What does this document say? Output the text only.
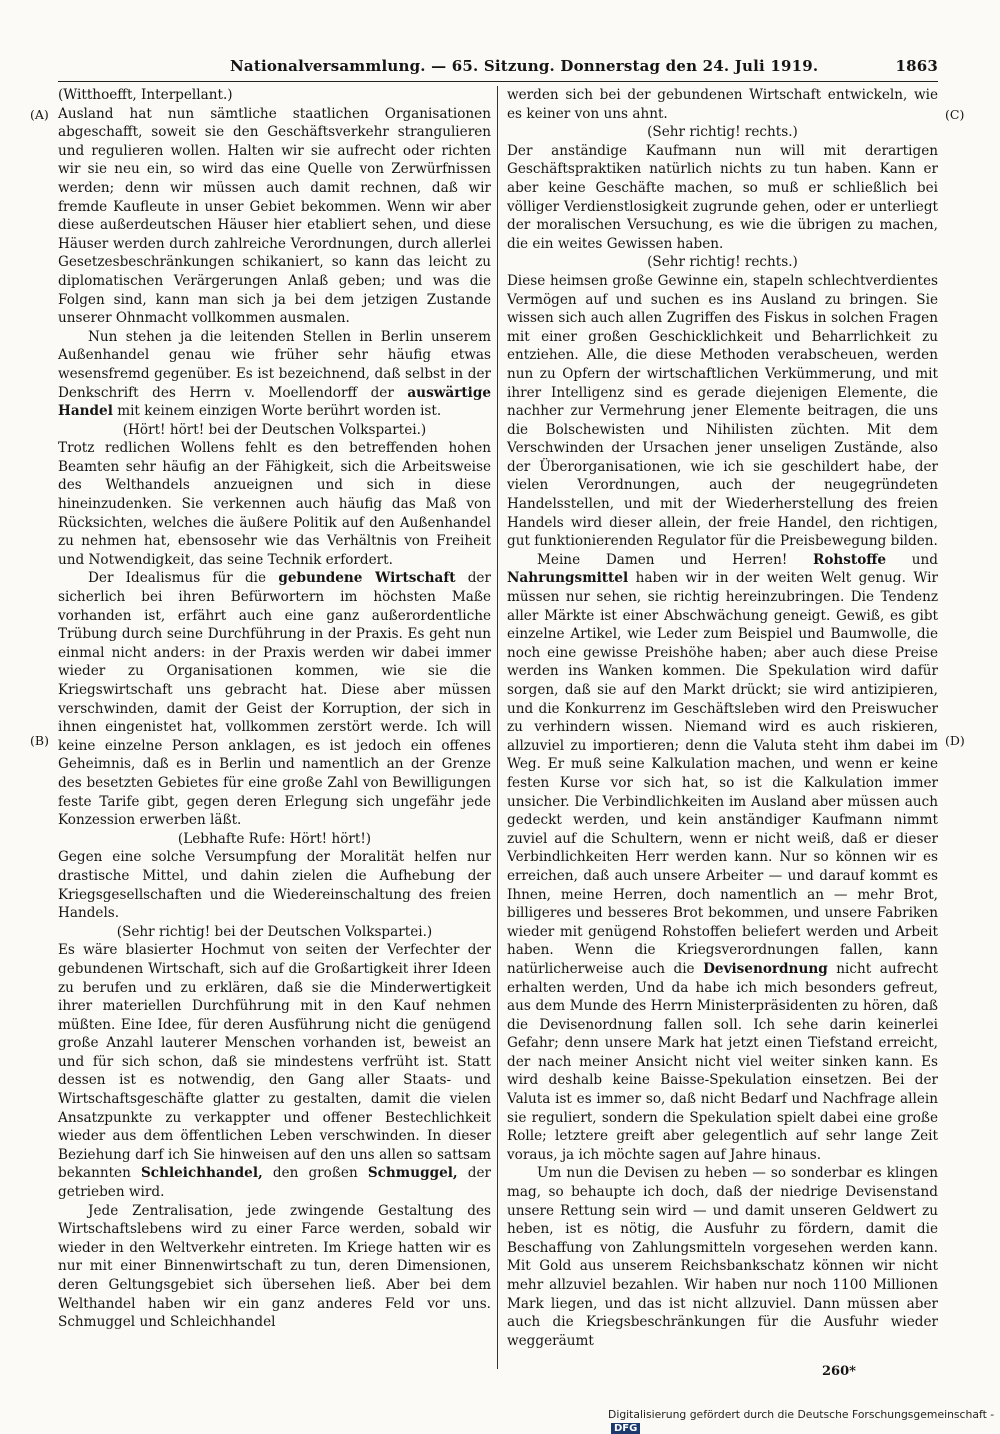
Nationalversammlung. — 65. Sitzung. Donnerstag den 24. Juli 1919.	1863
(A)
(B)
(C)
(D)

(Witthoefft, Interpellant.)

Ausland hat nun sämtliche staatlichen Organisationen abgeschafft, soweit sie den Geschäftsverkehr strangulieren und regulieren wollen. Halten wir sie aufrecht oder richten wir sie neu ein, so wird das eine Quelle von Zerwürfnissen werden; denn wir müssen auch damit rechnen, daß wir fremde Kaufleute in unser Gebiet bekommen. Wenn wir aber diese außerdeutschen Häuser hier etabliert sehen, und diese Häuser werden durch zahlreiche Verordnungen, durch allerlei Gesetzesbeschränkungen schikaniert, so kann das leicht zu diplomatischen Verärgerungen Anlaß geben; und was die Folgen sind, kann man sich ja bei dem jetzigen Zustande unserer Ohnmacht vollkommen ausmalen.

Nun stehen ja die leitenden Stellen in Berlin unserem Außenhandel genau wie früher sehr häufig etwas wesensfremd gegenüber. Es ist bezeichnend, daß selbst in der Denkschrift des Herrn v. Moellendorff der auswärtige Handel mit keinem einzigen Worte berührt worden ist.

(Hört! hört! bei der Deutschen Volkspartei.)

Trotz redlichen Wollens fehlt es den betreffenden hohen Beamten sehr häufig an der Fähigkeit, sich die Arbeitsweise des Welthandels anzueignen und sich in diese hineinzudenken. Sie verkennen auch häufig das Maß von Rücksichten, welches die äußere Politik auf den Außenhandel zu nehmen hat, ebensosehr wie das Verhältnis von Freiheit und Notwendigkeit, das seine Technik erfordert.

Der Idealismus für die gebundene Wirtschaft der sicherlich bei ihren Befürwortern im höchsten Maße vorhanden ist, erfährt auch eine ganz außerordentliche Trübung durch seine Durchführung in der Praxis. Es geht nun einmal nicht anders: in der Praxis werden wir dabei immer wieder zu Organisationen kommen, wie sie die Kriegswirtschaft uns gebracht hat. Diese aber müssen verschwinden, damit der Geist der Korruption, der sich in ihnen eingenistet hat, vollkommen zerstört werde. Ich will keine einzelne Person anklagen, es ist jedoch ein offenes Geheimnis, daß es in Berlin und namentlich an der Grenze des besetzten Gebietes für eine große Zahl von Bewilligungen feste Tarife gibt, gegen deren Erlegung sich ungefähr jede Konzession erwerben läßt.

(Lebhafte Rufe: Hört! hört!)

Gegen eine solche Versumpfung der Moralität helfen nur drastische Mittel, und dahin zielen die Aufhebung der Kriegsgesellschaften und die Wiedereinschaltung des freien Handels.

(Sehr richtig! bei der Deutschen Volkspartei.)

Es wäre blasierter Hochmut von seiten der Verfechter der gebundenen Wirtschaft, sich auf die Großartigkeit ihrer Ideen zu berufen und zu erklären, daß sie die Minderwertigkeit ihrer materiellen Durchführung mit in den Kauf nehmen müßten. Eine Idee, für deren Ausführung nicht die genügend große Anzahl lauterer Menschen vorhanden ist, beweist an und für sich schon, daß sie mindestens verfrüht ist. Statt dessen ist es notwendig, den Gang aller Staats- und Wirtschaftsgeschäfte glatter zu gestalten, damit die vielen Ansatzpunkte zu verkappter und offener Bestechlichkeit wieder aus dem öffentlichen Leben verschwinden. In dieser Beziehung darf ich Sie hinweisen auf den uns allen so sattsam bekannten Schleichhandel, den großen Schmuggel, der getrieben wird.

Jede Zentralisation, jede zwingende Gestaltung des Wirtschaftslebens wird zu einer Farce werden, sobald wir wieder in den Weltverkehr eintreten. Im Kriege hatten wir es nur mit einer Binnenwirtschaft zu tun, deren Dimensionen, deren Geltungsgebiet sich übersehen ließ. Aber bei dem Welthandel haben wir ein ganz anderes Feld vor uns. Schmuggel und Schleichhandel

werden sich bei der gebundenen Wirtschaft entwickeln, wie es keiner von uns ahnt.

(Sehr richtig! rechts.)

Der anständige Kaufmann nun will mit derartigen Geschäftspraktiken natürlich nichts zu tun haben. Kann er aber keine Geschäfte machen, so muß er schließlich bei völliger Verdienstlosigkeit zugrunde gehen, oder er unterliegt der moralischen Versuchung, es wie die übrigen zu machen, die ein weites Gewissen haben.

(Sehr richtig! rechts.)

Diese heimsen große Gewinne ein, stapeln schlechtverdientes Vermögen auf und suchen es ins Ausland zu bringen. Sie wissen sich auch allen Zugriffen des Fiskus in solchen Fragen mit einer großen Geschicklichkeit und Beharrlichkeit zu entziehen. Alle, die diese Methoden verabscheuen, werden nun zu Opfern der wirtschaftlichen Verkümmerung, und mit ihrer Intelligenz sind es gerade diejenigen Elemente, die nachher zur Vermehrung jener Elemente beitragen, die uns die Bolschewisten und Nihilisten züchten. Mit dem Verschwinden der Ursachen jener unseligen Zustände, also der Überorganisationen, wie ich sie geschildert habe, der vielen Verordnungen, auch der neugegründeten Handelsstellen, und mit der Wiederherstellung des freien Handels wird dieser allein, der freie Handel, den richtigen, gut funktionierenden Regulator für die Preisbewegung bilden.

Meine Damen und Herren! Rohstoffe und Nahrungsmittel haben wir in der weiten Welt genug. Wir müssen nur sehen, sie richtig hereinzubringen. Die Tendenz aller Märkte ist einer Abschwächung geneigt. Gewiß, es gibt einzelne Artikel, wie Leder zum Beispiel und Baumwolle, die noch eine gewisse Preishöhe haben; aber auch diese Preise werden ins Wanken kommen. Die Spekulation wird dafür sorgen, daß sie auf den Markt drückt; sie wird antizipieren, und die Konkurrenz im Geschäftsleben wird den Preiswucher zu verhindern wissen. Niemand wird es auch riskieren, allzuviel zu importieren; denn die Valuta steht ihm dabei im Weg. Er muß seine Kalkulation machen, und wenn er keine festen Kurse vor sich hat, so ist die Kalkulation immer unsicher. Die Verbindlichkeiten im Ausland aber müssen auch gedeckt werden, und kein anständiger Kaufmann nimmt zuviel auf die Schultern, wenn er nicht weiß, daß er dieser Verbindlichkeiten Herr werden kann. Nur so können wir es erreichen, daß auch unsere Arbeiter — und darauf kommt es Ihnen, meine Herren, doch namentlich an — mehr Brot, billigeres und besseres Brot bekommen, und unsere Fabriken wieder mit genügend Rohstoffen beliefert werden und Arbeit haben. Wenn die Kriegsverordnungen fallen, kann natürlicherweise auch die Devisenordnung nicht aufrecht erhalten werden, Und da habe ich mich besonders gefreut, aus dem Munde des Herrn Ministerpräsidenten zu hören, daß die Devisenordnung fallen soll. Ich sehe darin keinerlei Gefahr; denn unsere Mark hat jetzt einen Tiefstand erreicht, der nach meiner Ansicht nicht viel weiter sinken kann. Es wird deshalb keine Baisse-Spekulation einsetzen. Bei der Valuta ist es immer so, daß nicht Bedarf und Nachfrage allein sie reguliert, sondern die Spekulation spielt dabei eine große Rolle; letztere greift aber gelegentlich auf sehr lange Zeit voraus, ja ich möchte sagen auf Jahre hinaus.

Um nun die Devisen zu heben — so sonderbar es klingen mag, so behaupte ich doch, daß der niedrige Devisenstand unsere Rettung sein wird — und damit unseren Geldwert zu heben, ist es nötig, die Ausfuhr zu fördern, damit die Beschaffung von Zahlungsmitteln vorgesehen werden kann. Mit Gold aus unserem Reichsbankschatz können wir nicht mehr allzuviel bezahlen. Wir haben nur noch 1100 Millionen Mark liegen, und das ist nicht allzuviel. Dann müssen aber auch die Kriegsbeschränkungen für die Ausfuhr wieder weggeräumt

260*
Digitalisierung gefördert durch die Deutsche Forschungsgemeinschaft -DFG
